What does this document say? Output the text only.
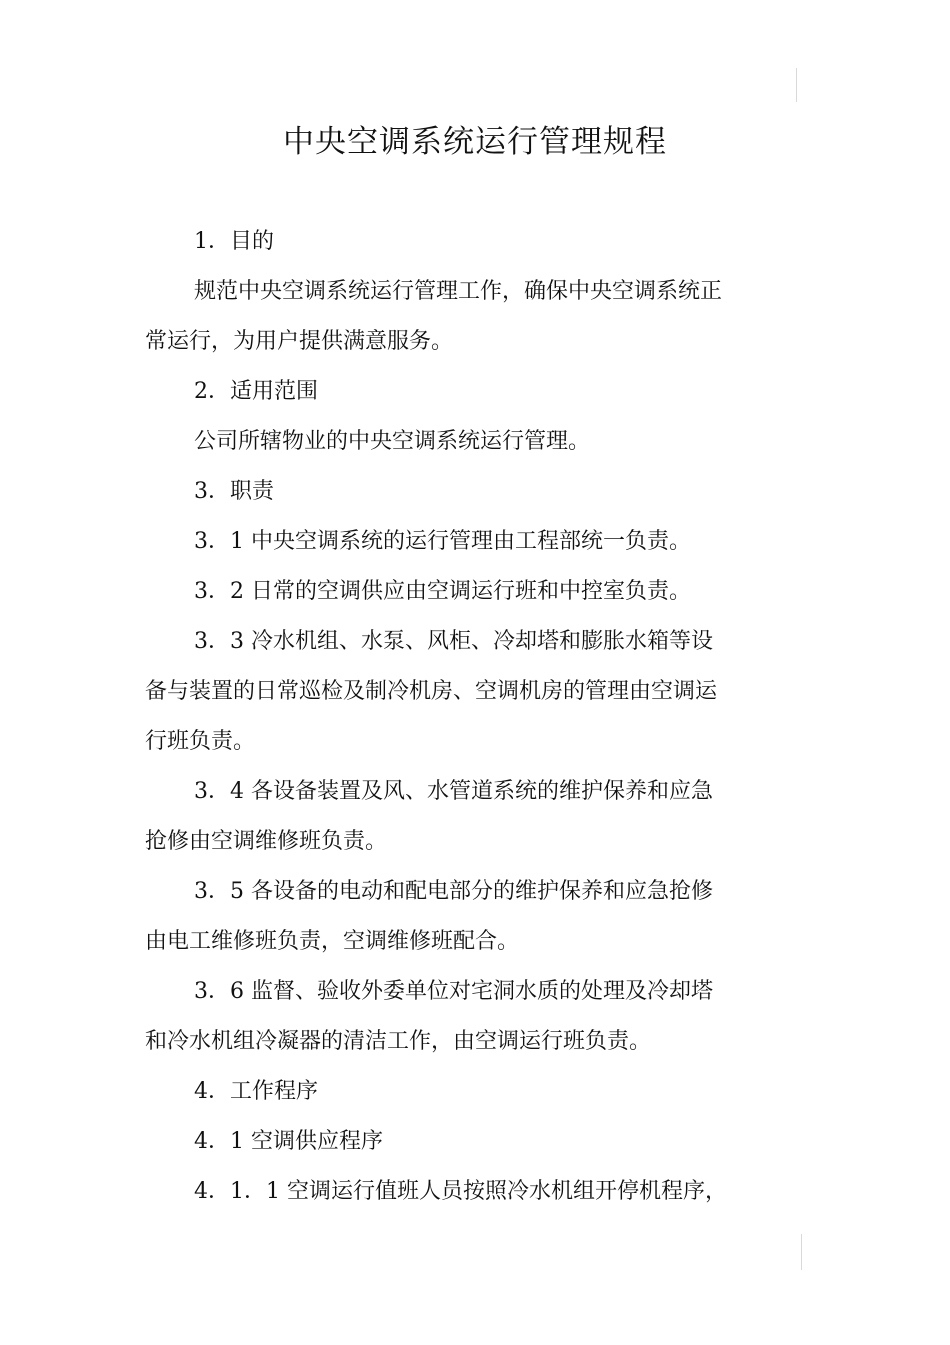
中央空调系统运行管理规程
1．目的
规范中央空调系统运行管理工作，确保中央空调系统正
常运行，为用户提供满意服务。
2．适用范围
公司所辖物业的中央空调系统运行管理。
3．职责
3．1 中央空调系统的运行管理由工程部统一负责。
3．2 日常的空调供应由空调运行班和中控室负责。
3．3 冷水机组、水泵、风柜、冷却塔和膨胀水箱等设
备与装置的日常巡检及制冷机房、空调机房的管理由空调运
行班负责。
3．4 各设备装置及风、水管道系统的维护保养和应急
抢修由空调维修班负责。
3．5 各设备的电动和配电部分的维护保养和应急抢修
由电工维修班负责，空调维修班配合。
3．6 监督、验收外委单位对宅洞水质的处理及冷却塔
和冷水机组冷凝器的清洁工作，由空调运行班负责。
4．工作程序
4．1 空调供应程序
4．1．1 空调运行值班人员按照冷水机组开停机程序，
